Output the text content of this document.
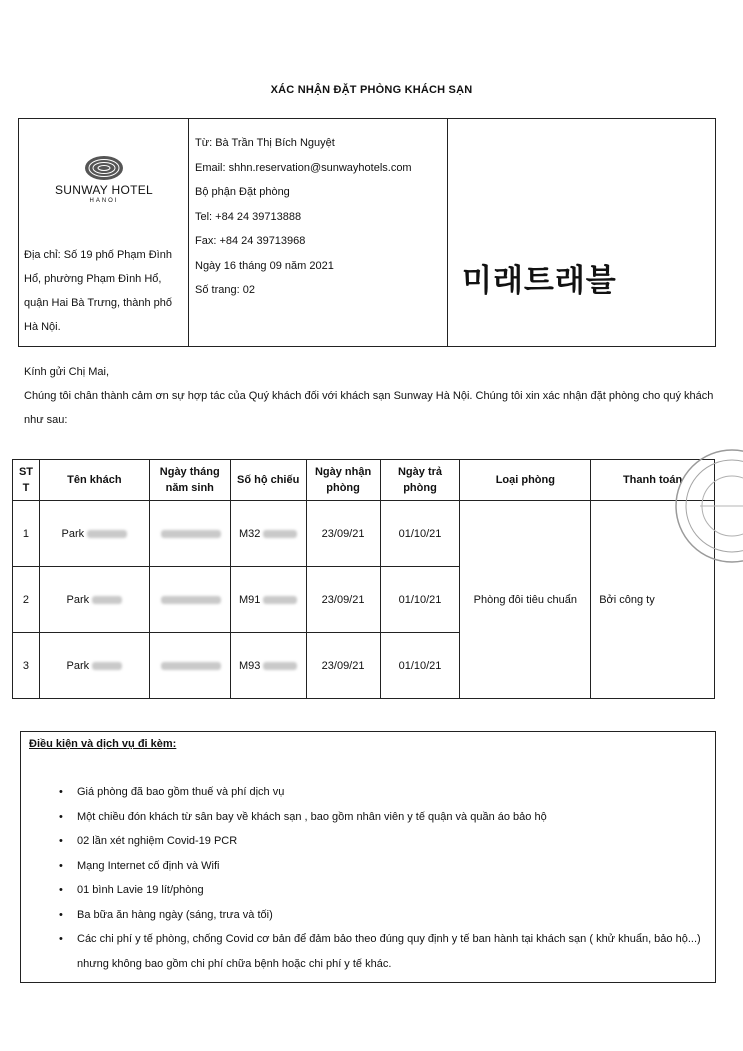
XÁC NHẬN ĐẶT PHÒNG KHÁCH SẠN
SUNWAY HOTEL
HANOI
Địa chỉ: Số 19 phố Phạm Đình Hổ, phường Phạm Đình Hổ, quận Hai Bà Trưng, thành phố Hà Nội.
Từ: Bà Trần Thị Bích Nguyệt
Email: shhn.reservation@sunwayhotels.com
Bộ phận Đặt phòng
Tel: +84 24 39713888
Fax: +84 24 39713968
Ngày 16 tháng 09 năm 2021
Số trang: 02	미래트래블
Kính gửi Chị Mai,
Chúng tôi chân thành cảm ơn sự hợp tác của Quý khách đối với khách sạn Sunway Hà Nội. Chúng tôi xin xác nhận đặt phòng cho quý khách như sau:
ST T	Tên khách	Ngày tháng năm sinh	Số hộ chiếu	Ngày nhận phòng	Ngày trả phòng	Loại phòng	Thanh toán
1	Park		M32	23/09/21	01/10/21	Phòng đôi tiêu chuẩn	Bởi công ty
2	Park		M91	23/09/21	01/10/21		
3	Park		M93	23/09/21	01/10/21		
Điều kiện và dịch vụ đi kèm:
• Giá phòng đã bao gồm thuế và phí dịch vụ
• Một chiều đón khách từ sân bay về khách sạn , bao gồm nhân viên y tế quận và quần áo bảo hộ
• 02 lần xét nghiệm Covid-19 PCR
• Mạng Internet cố định và Wifi
• 01 bình Lavie 19 lít/phòng
• Ba bữa ăn hàng ngày (sáng, trưa và tối)
• Các chi phí y tế phòng, chống Covid cơ bản để đảm bảo theo đúng quy định y tế ban hành tại khách sạn ( khử khuẩn, bảo hộ...) nhưng không bao gồm chi phí chữa bệnh hoặc chi phí y tế khác.
